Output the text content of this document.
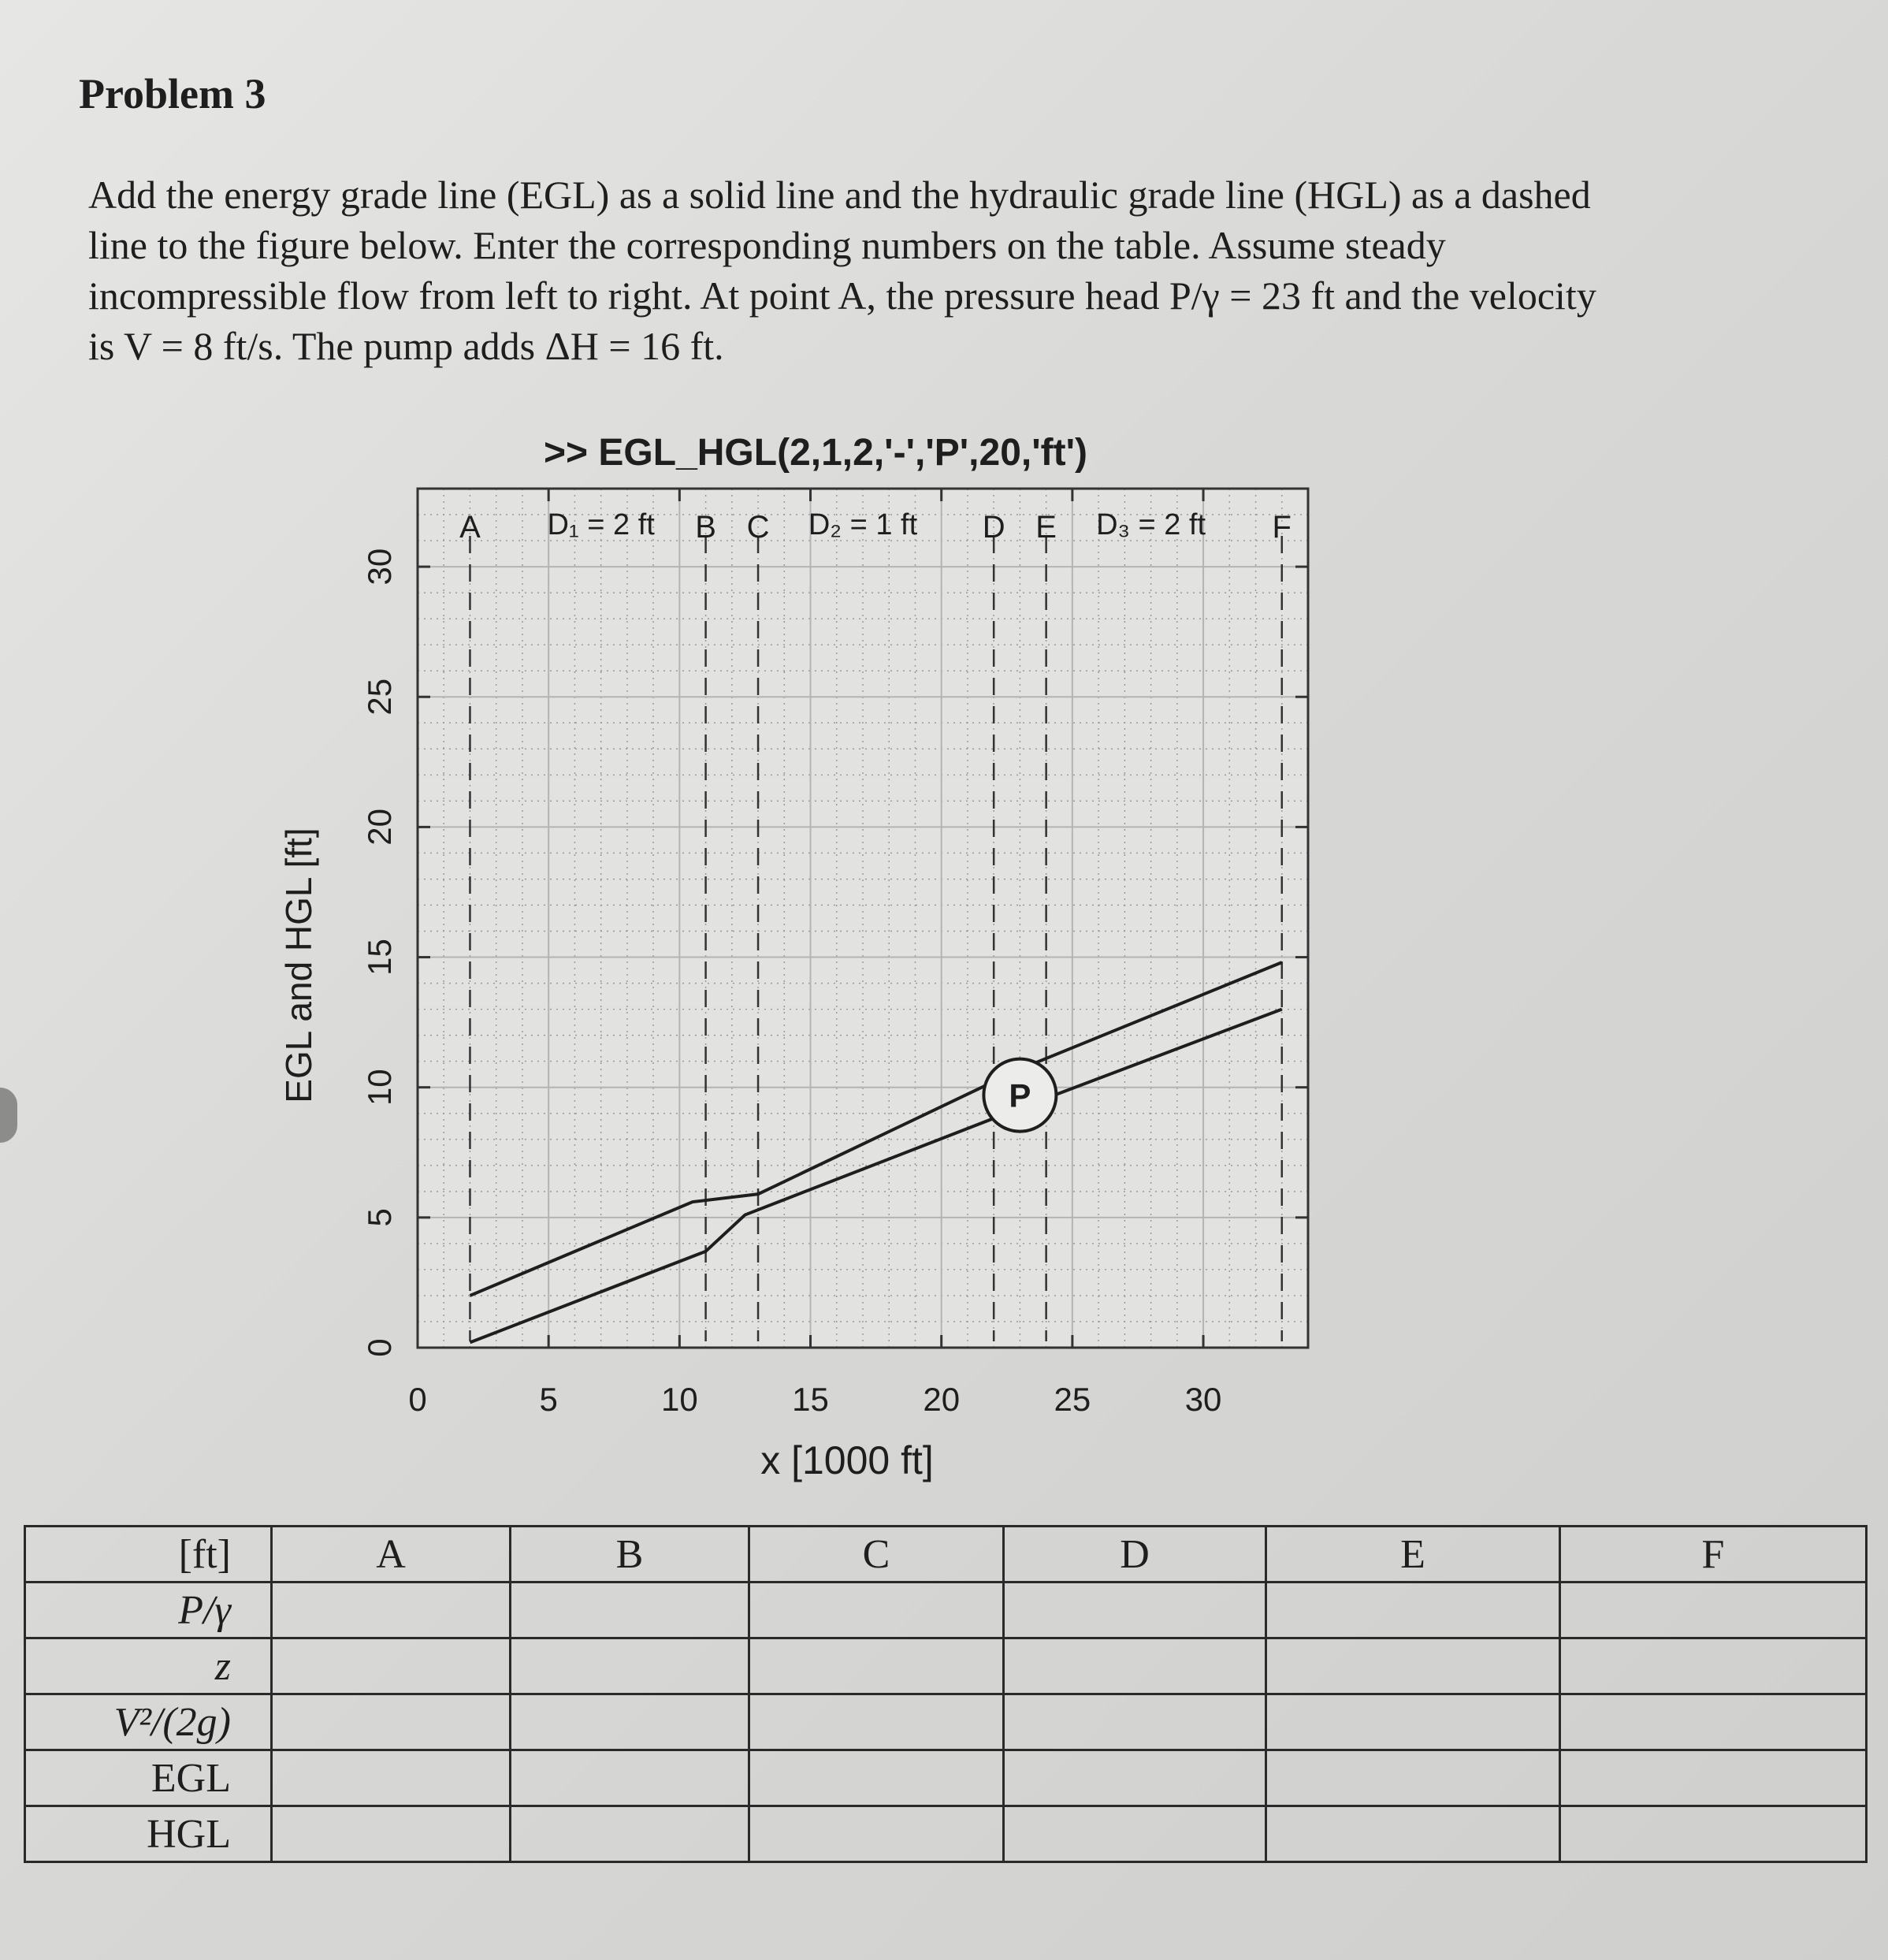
Problem 3

Add the energy grade line (EGL) as a solid line and the hydraulic grade line (HGL) as a dashed

line to the figure below. Enter the corresponding numbers on the table. Assume steady

incompressible flow from left to right. At point A, the pressure head P/γ = 23 ft and the velocity

is V = 8 ft/s. The pump adds ΔH = 16 ft.

0	5	10	15	20	25	30
0
5
10
15
20
25
30
x [1000 ft]
EGL and HGL [ft]
>> EGL_HGL(2,1,2,'-','P',20,'ft')
A	B C	D E	F
D₁ = 2 ft	D₂ = 1 ft	D₃ = 2 ft
P
[ft]	A	B	C	D	E	F
P/γ						
z						
V²/(2g)						
EGL						
HGL						
